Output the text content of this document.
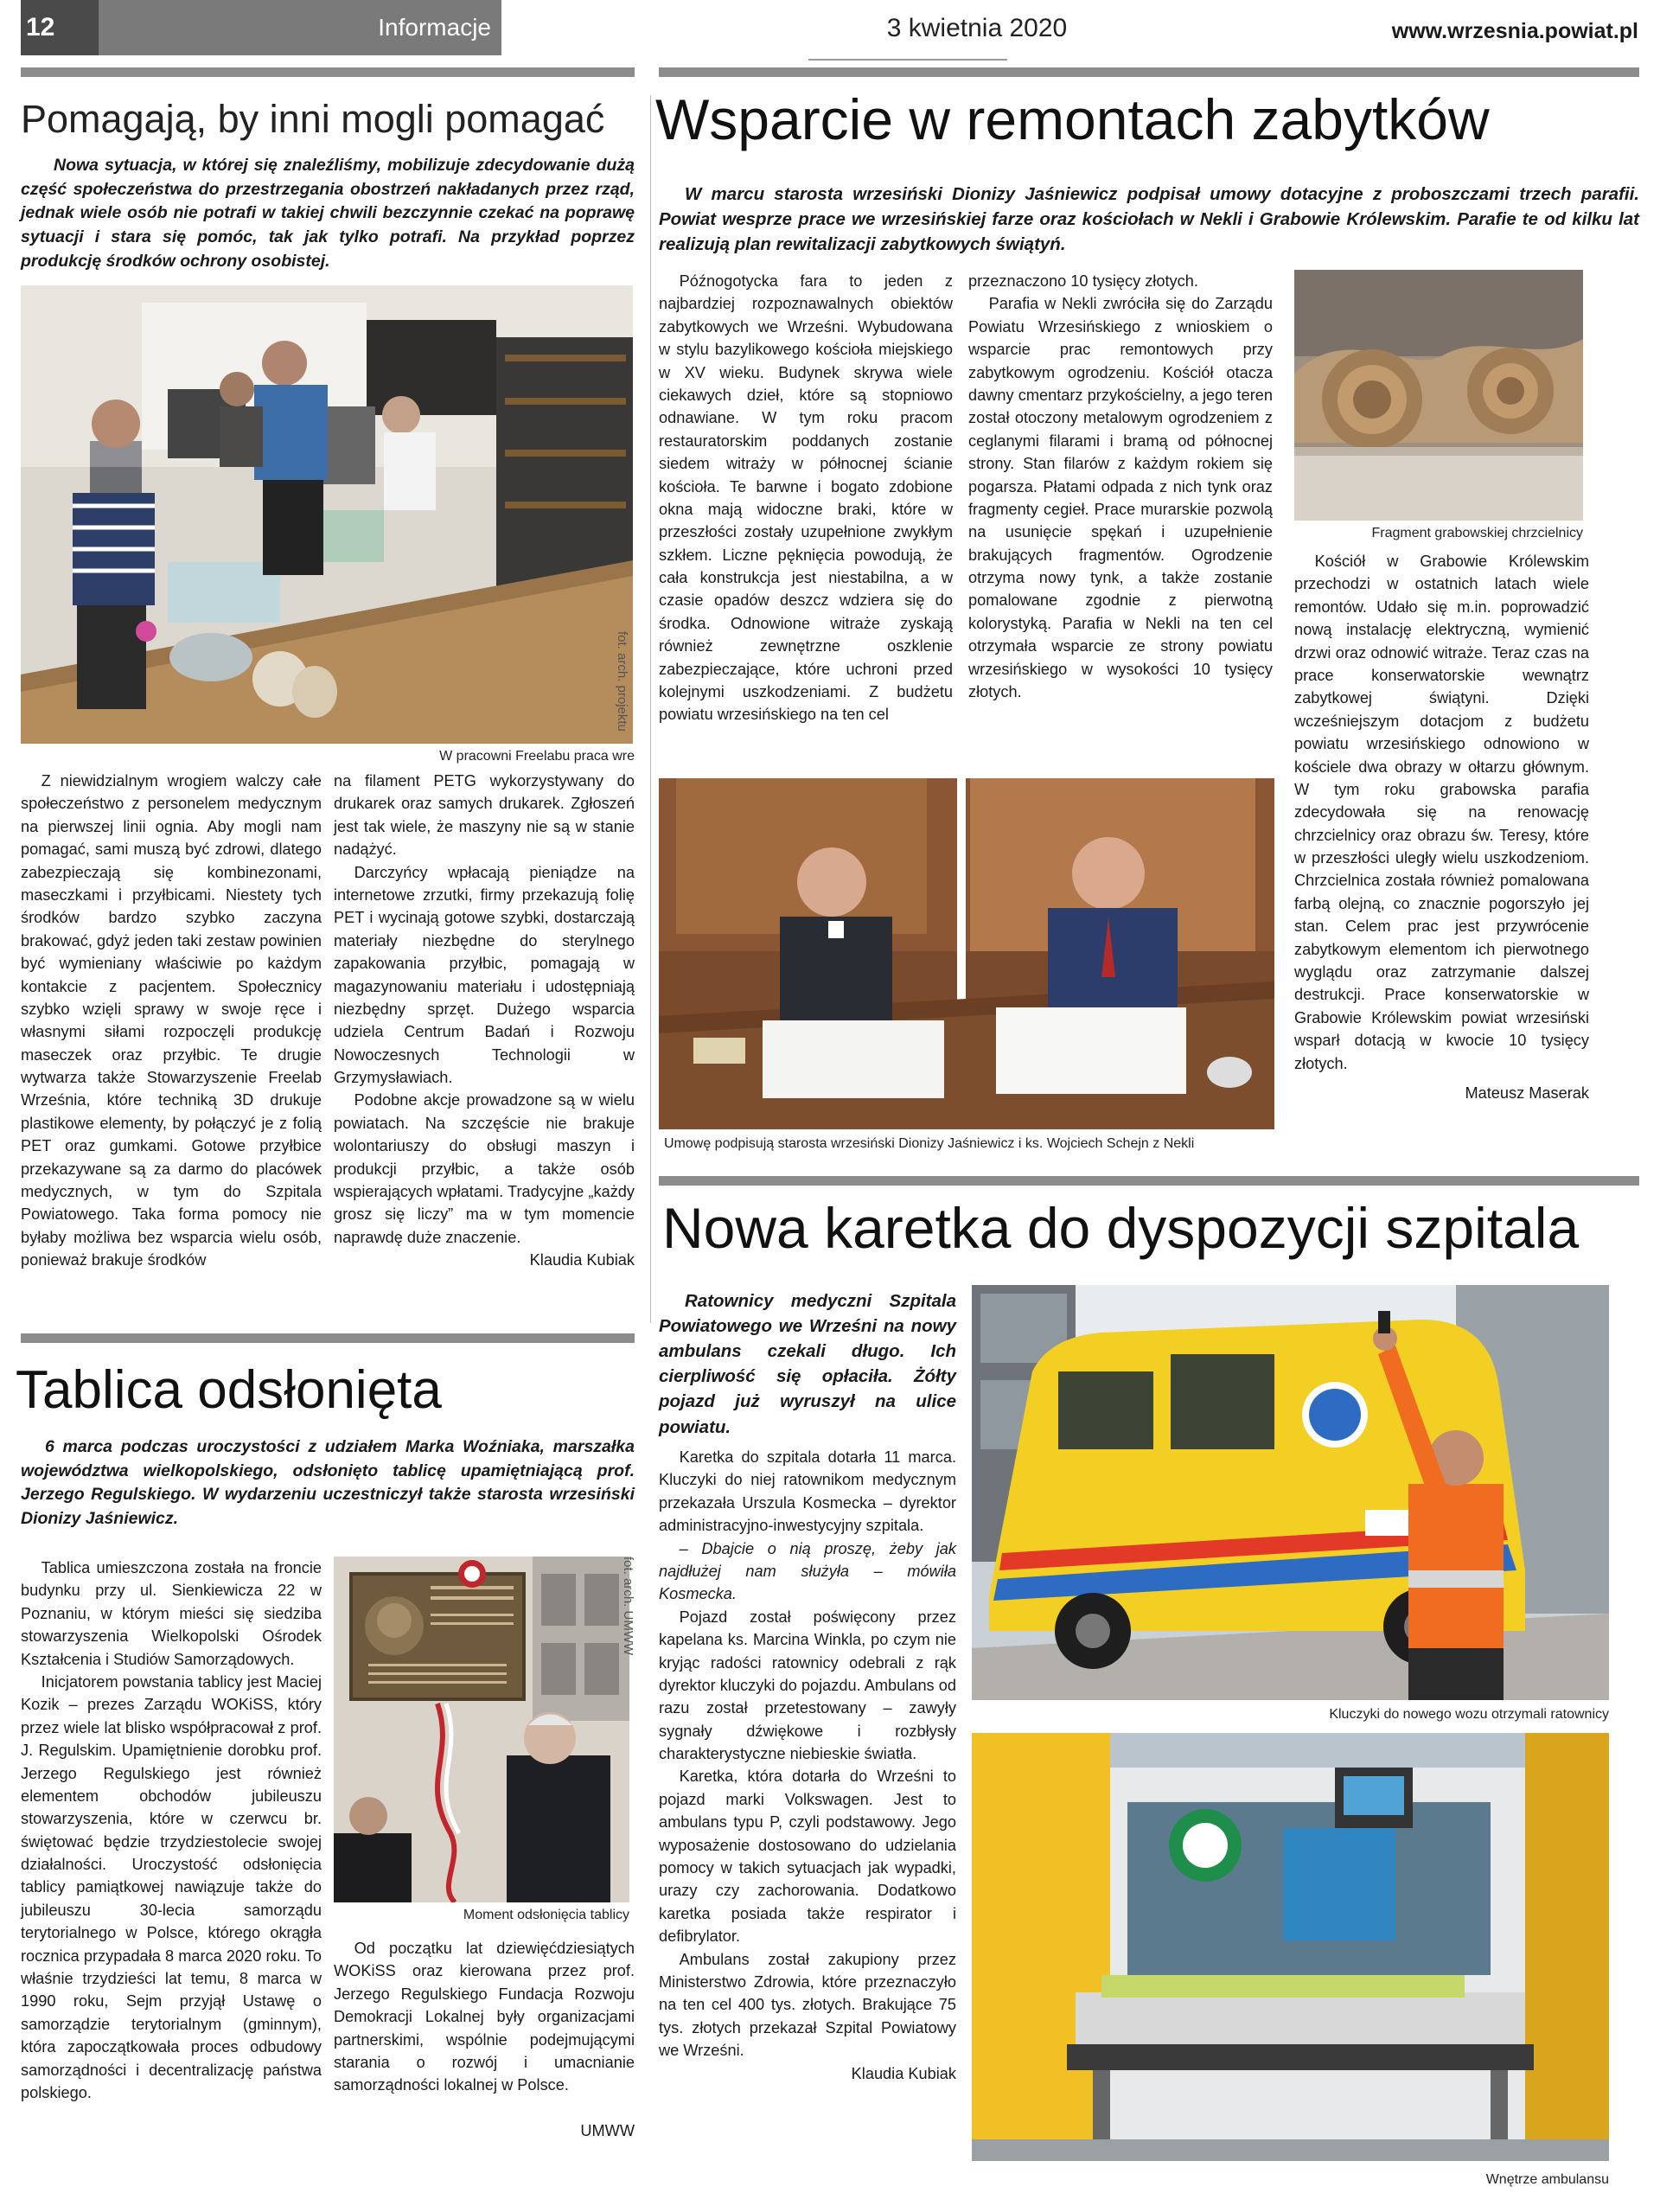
12	Informacje	3 kwietnia 2020	www.wrzesnia.powiat.pl
Pomagają, by inni mogli pomagać
Nowa sytuacja, w której się znaleźliśmy, mobilizuje zdecydowanie dużą część społeczeństwa do przestrzegania obostrzeń nakładanych przez rząd, jednak wiele osób nie potrafi w takiej chwili bezczynnie czekać na poprawę sytuacji i stara się pomóc, tak jak tylko potrafi. Na przykład poprzez produkcję środków ochrony osobistej.
fot. arch. projektu
W pracowni Freelabu praca wre

Z niewidzialnym wrogiem walczy całe społeczeństwo z personelem medycznym na pierwszej linii ognia. Aby mogli nam pomagać, sami muszą być zdrowi, dlatego zabezpieczają się kombinezonami, maseczkami i przyłbicami. Niestety tych środków bardzo szybko zaczyna brakować, gdyż jeden taki zestaw powinien być wymieniany właściwie po każdym kontakcie z pacjentem. Społecznicy szybko wzięli sprawy w swoje ręce i własnymi siłami rozpoczęli produkcję maseczek oraz przyłbic. Te drugie wytwarza także Stowarzyszenie Freelab Września, które techniką 3D drukuje plastikowe elementy, by połączyć je z folią PET oraz gumkami. Gotowe przyłbice przekazywane są za darmo do placówek medycznych, w tym do Szpitala Powiatowego. Taka forma pomocy nie byłaby możliwa bez wsparcia wielu osób, ponieważ brakuje środków

na filament PETG wykorzystywany do drukarek oraz samych drukarek. Zgłoszeń jest tak wiele, że maszyny nie są w stanie nadążyć.

Darczyńcy wpłacają pieniądze na internetowe zrzutki, firmy przekazują folię PET i wycinają gotowe szybki, dostarczają materiały niezbędne do sterylnego zapakowania przyłbic, pomagają w magazynowaniu materiału i udostępniają niezbędny sprzęt. Dużego wsparcia udziela Centrum Badań i Rozwoju Nowoczesnych Technologii w Grzymysławiach.

Podobne akcje prowadzone są w wielu powiatach. Na szczęście nie brakuje wolontariuszy do obsługi maszyn i produkcji przyłbic, a także osób wspierających wpłatami. Tradycyjne „każdy grosz się liczy” ma w tym momencie naprawdę duże znaczenie.

Klaudia Kubiak

Tablica odsłonięta
6 marca podczas uroczystości z udziałem Marka Woźniaka, marszałka województwa wielkopolskiego, odsłonięto tablicę upamiętniającą prof. Jerzego Regulskiego. W wydarzeniu uczestniczył także starosta wrzesiński Dionizy Jaśniewicz.

Tablica umieszczona została na froncie budynku przy ul. Sienkiewicza 22 w Poznaniu, w którym mieści się siedziba stowarzyszenia Wielkopolski Ośrodek Kształcenia i Studiów Samorządowych.

Inicjatorem powstania tablicy jest Maciej Kozik – prezes Zarządu WOKiSS, który przez wiele lat blisko współpracował z prof. J. Regulskim. Upamiętnienie dorobku prof. Jerzego Regulskiego jest również elementem obchodów jubileuszu stowarzyszenia, które w czerwcu br. świętować będzie trzydziestolecie swojej działalności. Uroczystość odsłonięcia tablicy pamiątkowej nawiązuje także do jubileuszu 30-lecia samorządu terytorialnego w Polsce, którego okrągła rocznica przypadała 8 marca 2020 roku. To właśnie trzydzieści lat temu, 8 marca w 1990 roku, Sejm przyjął Ustawę o samorządzie terytorialnym (gminnym), która zapoczątkowała proces odbudowy samorządności i decentralizację państwa polskiego.

fot. arch. UMWW
Moment odsłonięcia tablicy

Od początku lat dziewięćdziesiątych WOKiSS oraz kierowana przez prof. Jerzego Regulskiego Fundacja Rozwoju Demokracji Lokalnej były organizacjami partnerskimi, wspólnie podejmującymi starania o rozwój i umacnianie samorządności lokalnej w Polsce.

UMWW

Wsparcie w remontach zabytków
W marcu starosta wrzesiński Dionizy Jaśniewicz podpisał umowy dotacyjne z proboszczami trzech parafii. Powiat wesprze prace we wrzesińskiej farze oraz kościołach w Nekli i Grabowie Królewskim. Parafie te od kilku lat realizują plan rewitalizacji zabytkowych świątyń.

Późnogotycka fara to jeden z najbardziej rozpoznawalnych obiektów zabytkowych we Wrześni. Wybudowana w stylu bazylikowego kościoła miejskiego w XV wieku. Budynek skrywa wiele ciekawych dzieł, które są stopniowo odnawiane. W tym roku pracom restauratorskim poddanych zostanie siedem witraży w północnej ścianie kościoła. Te barwne i bogato zdobione okna mają widoczne braki, które w przeszłości zostały uzupełnione zwykłym szkłem. Liczne pęknięcia powodują, że cała konstrukcja jest niestabilna, a w czasie opadów deszcz wdziera się do środka. Odnowione witraże zyskają również zewnętrzne oszklenie zabezpieczające, które uchroni przed kolejnymi uszkodzeniami. Z budżetu powiatu wrzesińskiego na ten cel

przeznaczono 10 tysięcy złotych.

Parafia w Nekli zwróciła się do Zarządu Powiatu Wrzesińskiego z wnioskiem o wsparcie prac remontowych przy zabytkowym ogrodzeniu. Kościół otacza dawny cmentarz przykościelny, a jego teren został otoczony metalowym ogrodzeniem z ceglanymi filarami i bramą od północnej strony. Stan filarów z każdym rokiem się pogarsza. Płatami odpada z nich tynk oraz fragmenty cegieł. Prace murarskie pozwolą na usunięcie spękań i uzupełnienie brakujących fragmentów. Ogrodzenie otrzyma nowy tynk, a także zostanie pomalowane zgodnie z pierwotną kolorystyką. Parafia w Nekli na ten cel otrzymała wsparcie ze strony powiatu wrzesińskiego w wysokości 10 tysięcy złotych.

Fragment grabowskiej chrzcielnicy

Kościół w Grabowie Królewskim przechodzi w ostatnich latach wiele remontów. Udało się m.in. poprowadzić nową instalację elektryczną, wymienić drzwi oraz odnowić witraże. Teraz czas na prace konserwatorskie wewnątrz zabytkowej świątyni. Dzięki wcześniejszym dotacjom z budżetu powiatu wrzesińskiego odnowiono w kościele dwa obrazy w ołtarzu głównym. W tym roku grabowska parafia zdecydowała się na renowację chrzcielnicy oraz obrazu św. Teresy, które w przeszłości uległy wielu uszkodzeniom. Chrzcielnica została również pomalowana farbą olejną, co znacznie pogorszyło jej stan. Celem prac jest przywrócenie zabytkowym elementom ich pierwotnego wyglądu oraz zatrzymanie dalszej destrukcji. Prace konserwatorskie w Grabowie Królewskim powiat wrzesiński wsparł dotacją w kwocie 10 tysięcy złotych.

Mateusz Maserak

Umowę podpisują starosta wrzesiński Dionizy Jaśniewicz i ks. Wojciech Schejn z Nekli
Nowa karetka do dyspozycji szpitala
Ratownicy medyczni Szpitala Powiatowego we Wrześni na nowy ambulans czekali długo. Ich cierpliwość się opłaciła. Żółty pojazd już wyruszył na ulice powiatu.

Karetka do szpitala dotarła 11 marca. Kluczyki do niej ratownikom medycznym przekazała Urszula Kosmecka – dyrektor administracyjno-inwestycyjny szpitala.

– Dbajcie o nią proszę, żeby jak najdłużej nam służyła – mówiła Kosmecka.

Pojazd został poświęcony przez kapelana ks. Marcina Winkla, po czym nie kryjąc radości ratownicy odebrali z rąk dyrektor kluczyki do pojazdu. Ambulans od razu został przetestowany – zawyły sygnały dźwiękowe i rozbłysły charakterystyczne niebieskie światła.

Karetka, która dotarła do Wrześni to pojazd marki Volkswagen. Jest to ambulans typu P, czyli podstawowy. Jego wyposażenie dostosowano do udzielania pomocy w takich sytuacjach jak wypadki, urazy czy zachorowania. Dodatkowo karetka posiada także respirator i defibrylator.

Ambulans został zakupiony przez Ministerstwo Zdrowia, które przeznaczyło na ten cel 400 tys. złotych. Brakujące 75 tys. złotych przekazał Szpital Powiatowy we Wrześni.

Klaudia Kubiak

Kluczyki do nowego wozu otrzymali ratownicy
Wnętrze ambulansu
